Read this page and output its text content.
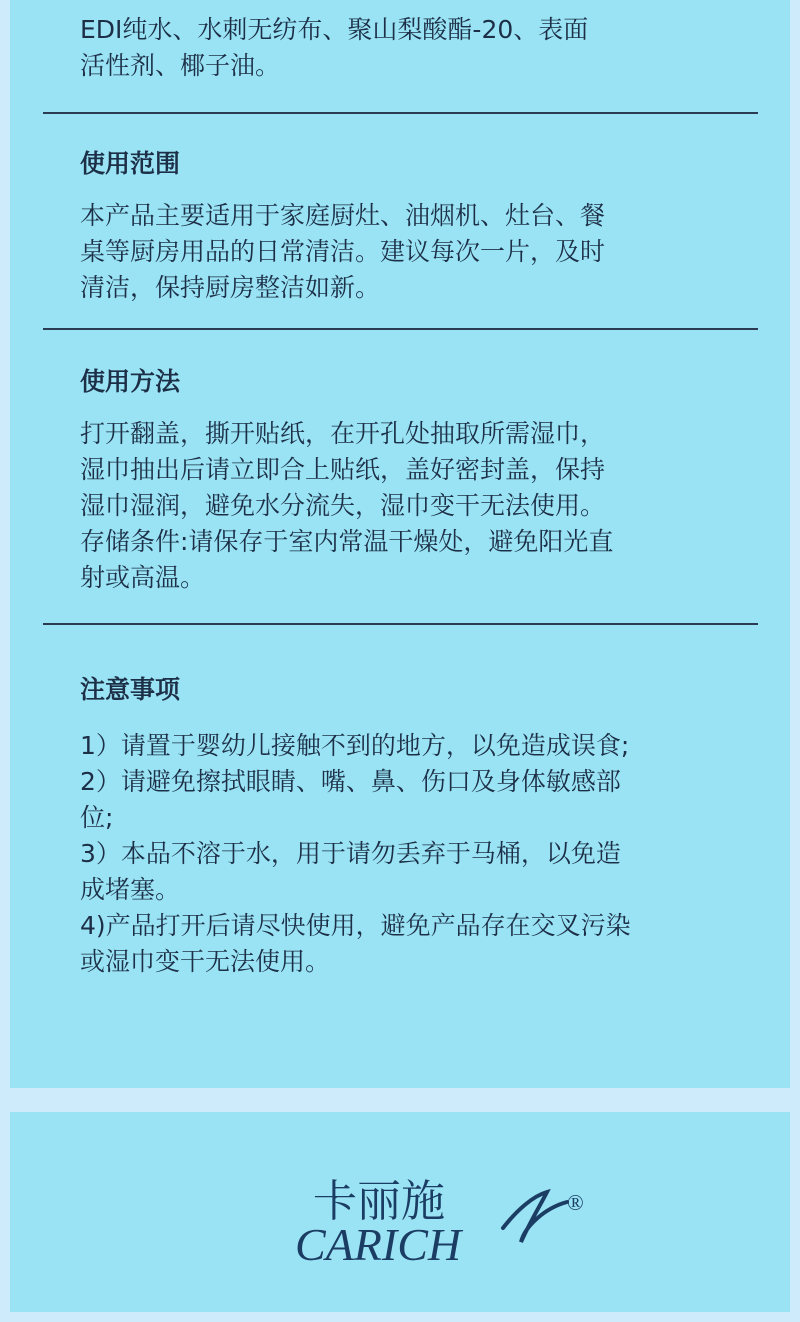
EDI纯水、水刺无纺布、聚山梨酸酯-20、表面

活性剂、椰子油。

使用范围

本产品主要适用于家庭厨灶、油烟机、灶台、餐

桌等厨房用品的日常清洁。建议每次一片，及时

清洁，保持厨房整洁如新。

使用方法

打开翻盖，撕开贴纸，在开孔处抽取所需湿巾，

湿巾抽出后请立即合上贴纸，盖好密封盖，保持

湿巾湿润，避免水分流失，湿巾变干无法使用。

存储条件:请保存于室内常温干燥处，避免阳光直

射或高温。

注意事项

1）请置于婴幼儿接触不到的地方，以免造成误食;

2）请避免擦拭眼睛、嘴、鼻、伤口及身体敏感部

位;

3）本品不溶于水，用于请勿丢弃于马桶，以免造

成堵塞。

4)产品打开后请尽快使用，避免产品存在交叉污染

或湿巾变干无法使用。

卡丽施	®
CARICH
